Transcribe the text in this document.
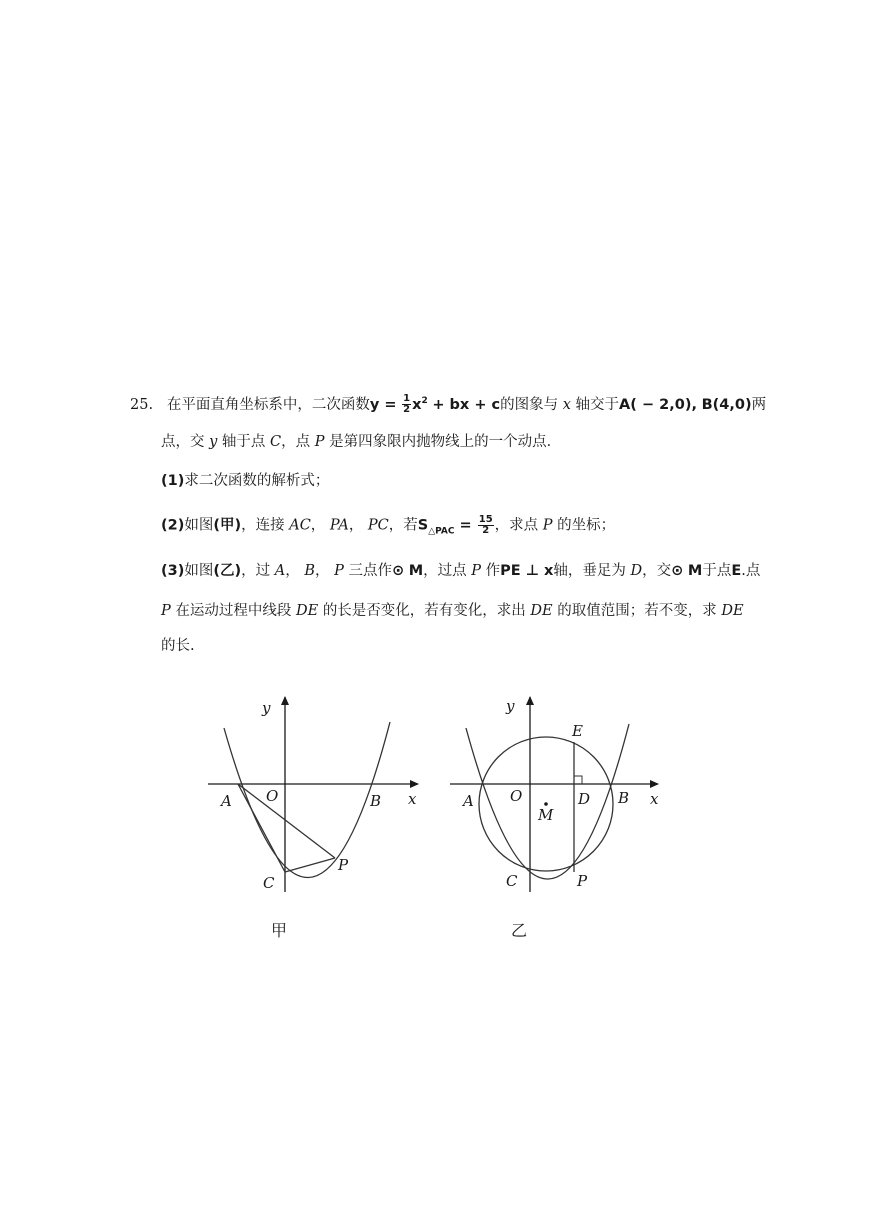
25. 在平面直角坐标系中，二次函数$y = \frac{1}{2} x^2$ + bx + c的图象与 x 轴交于A( − 2,0), B(4,0)两
点，交 y 轴于点 C，点 P 是第四象限内抛物线上的一个动点．
(1)求二次函数的解析式；
(2)如图(甲)，连接 AC， PA， PC，若$S_{\triangle PAC} = \frac{15}{2}$ ，求点 P 的坐标；
(3)如图(乙)，过 A， B， P 三点作⊙ M，过点 P 作PE ⊥ x轴，垂足为 D，交⊙ M于点E.点
P 在运动过程中线段 DE 的长是否变化，若有变化，求出 DE 的取值范围；若不变，求 DE
的长.
y
x
A O	B
C
P
甲
y
x
A O	D B
E
M
C	P
乙
